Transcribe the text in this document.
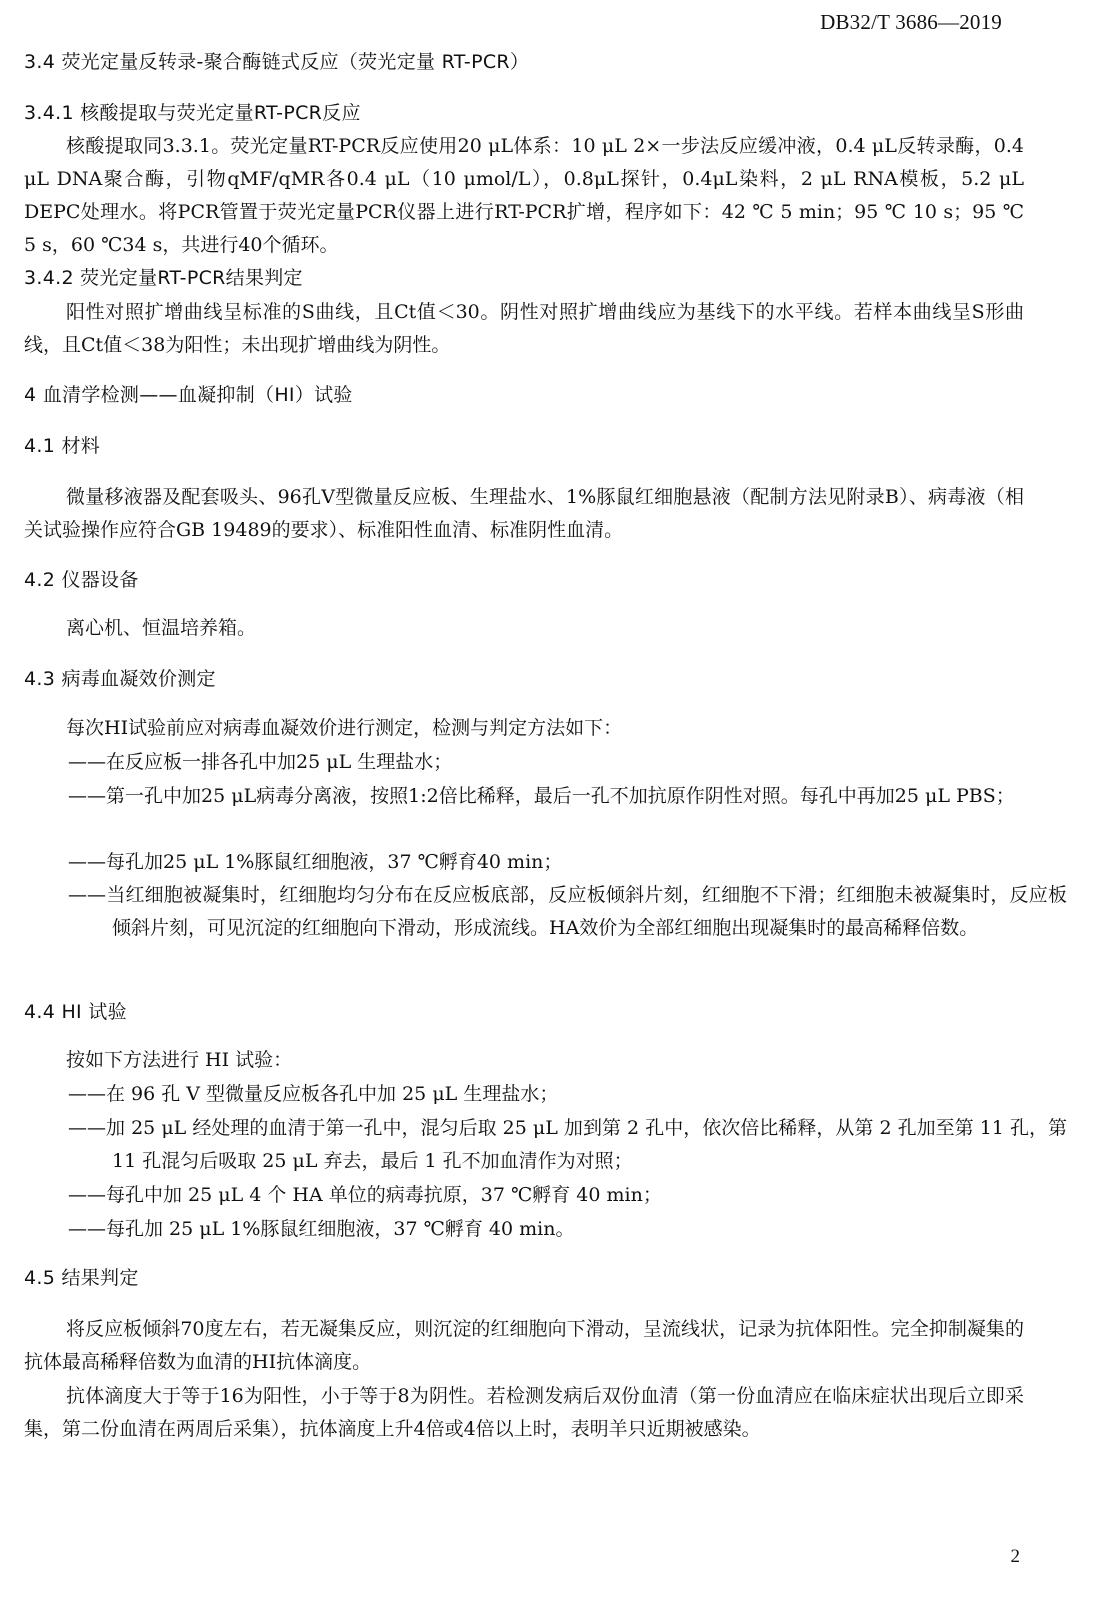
DB32/T 3686—2019
3.4 荧光定量反转录-聚合酶链式反应（荧光定量 RT-PCR）
3.4.1 核酸提取与荧光定量RT-PCR反应

核酸提取同3.3.1。荧光定量RT-PCR反应使用20 μL体系：10 μL 2×一步法反应缓冲液，0.4 μL反转录酶，0.4 μL DNA聚合酶，引物qMF/qMR各0.4 μL（10 μmol/L），0.8μL探针，0.4μL染料，2 μL RNA模板，5.2 μL DEPC处理水。将PCR管置于荧光定量PCR仪器上进行RT-PCR扩增，程序如下：42 ℃ 5 min；95 ℃ 10 s；95 ℃ 5 s，60 ℃34 s，共进行40个循环。

3.4.2 荧光定量RT-PCR结果判定

阳性对照扩增曲线呈标准的S曲线，且Ct值＜30。阴性对照扩增曲线应为基线下的水平线。若样本曲线呈S形曲线，且Ct值＜38为阳性；未出现扩增曲线为阴性。

4 血清学检测——血凝抑制（HI）试验
4.1 材料

微量移液器及配套吸头、96孔V型微量反应板、生理盐水、1%豚鼠红细胞悬液（配制方法见附录B）、病毒液（相关试验操作应符合GB 19489的要求）、标准阳性血清、标准阴性血清。

4.2 仪器设备

离心机、恒温培养箱。

4.3 病毒血凝效价测定

每次HI试验前应对病毒血凝效价进行测定，检测与判定方法如下：

——在反应板一排各孔中加25 μL 生理盐水；

——第一孔中加25 μL病毒分离液，按照1:2倍比稀释，最后一孔不加抗原作阴性对照。每孔中再加25 μL PBS；

——每孔加25 μL 1%豚鼠红细胞液，37 ℃孵育40 min；

——当红细胞被凝集时，红细胞均匀分布在反应板底部，反应板倾斜片刻，红细胞不下滑；红细胞未被凝集时，反应板倾斜片刻，可见沉淀的红细胞向下滑动，形成流线。HA效价为全部红细胞出现凝集时的最高稀释倍数。

4.4 HI 试验

按如下方法进行 HI 试验：

——在 96 孔 V 型微量反应板各孔中加 25 μL 生理盐水；

——加 25 μL 经处理的血清于第一孔中，混匀后取 25 μL 加到第 2 孔中，依次倍比稀释，从第 2 孔加至第 11 孔，第 11 孔混匀后吸取 25 μL 弃去，最后 1 孔不加血清作为对照；

——每孔中加 25 μL 4 个 HA 单位的病毒抗原，37 ℃孵育 40 min；

——每孔加 25 μL 1%豚鼠红细胞液，37 ℃孵育 40 min。

4.5 结果判定

将反应板倾斜70度左右，若无凝集反应，则沉淀的红细胞向下滑动，呈流线状，记录为抗体阳性。完全抑制凝集的抗体最高稀释倍数为血清的HI抗体滴度。

抗体滴度大于等于16为阳性，小于等于8为阴性。若检测发病后双份血清（第一份血清应在临床症状出现后立即采集，第二份血清在两周后采集），抗体滴度上升4倍或4倍以上时，表明羊只近期被感染。

2
